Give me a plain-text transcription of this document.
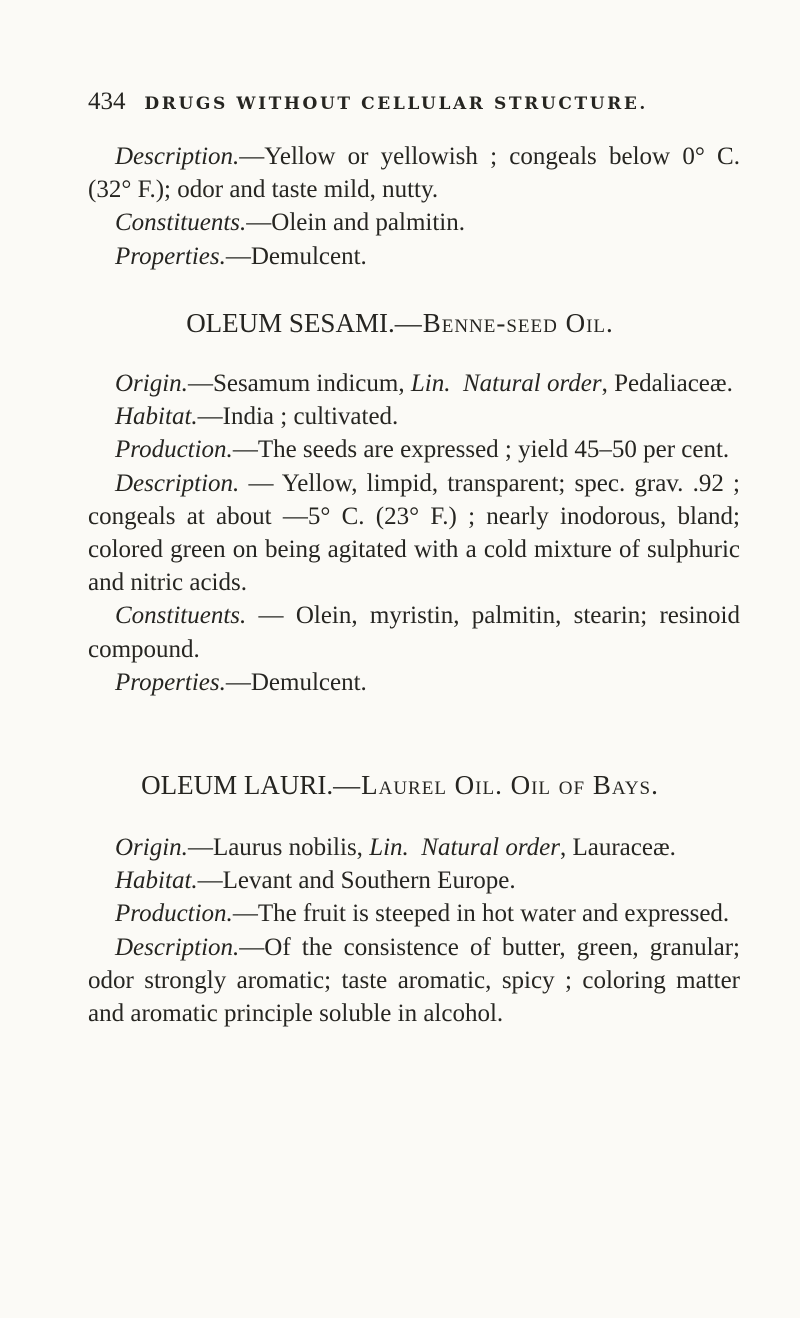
434 DRUGS WITHOUT CELLULAR STRUCTURE.

Description.—Yellow or yellowish ; congeals below 0° C. (32° F.); odor and taste mild, nutty.

Constituents.—Olein and palmitin.

Properties.—Demulcent.

OLEUM SESAMI.—Benne-seed Oil.

Origin.—Sesamum indicum, Lin. Natural order, Pedaliaceæ.

Habitat.—India ; cultivated.

Production.—The seeds are expressed ; yield 45–50 per cent.

Description. — Yellow, limpid, transparent; spec. grav. .92 ; congeals at about —5° C. (23° F.) ; nearly inodorous, bland; colored green on being agitated with a cold mixture of sulphuric and nitric acids.

Constituents. — Olein, myristin, palmitin, stearin; resinoid compound.

Properties.—Demulcent.

OLEUM LAURI.—Laurel Oil. Oil of Bays.

Origin.—Laurus nobilis, Lin. Natural order, Lauraceæ.

Habitat.—Levant and Southern Europe.

Production.—The fruit is steeped in hot water and expressed.

Description.—Of the consistence of butter, green, granular; odor strongly aromatic; taste aromatic, spicy ; coloring matter and aromatic principle soluble in alcohol.
